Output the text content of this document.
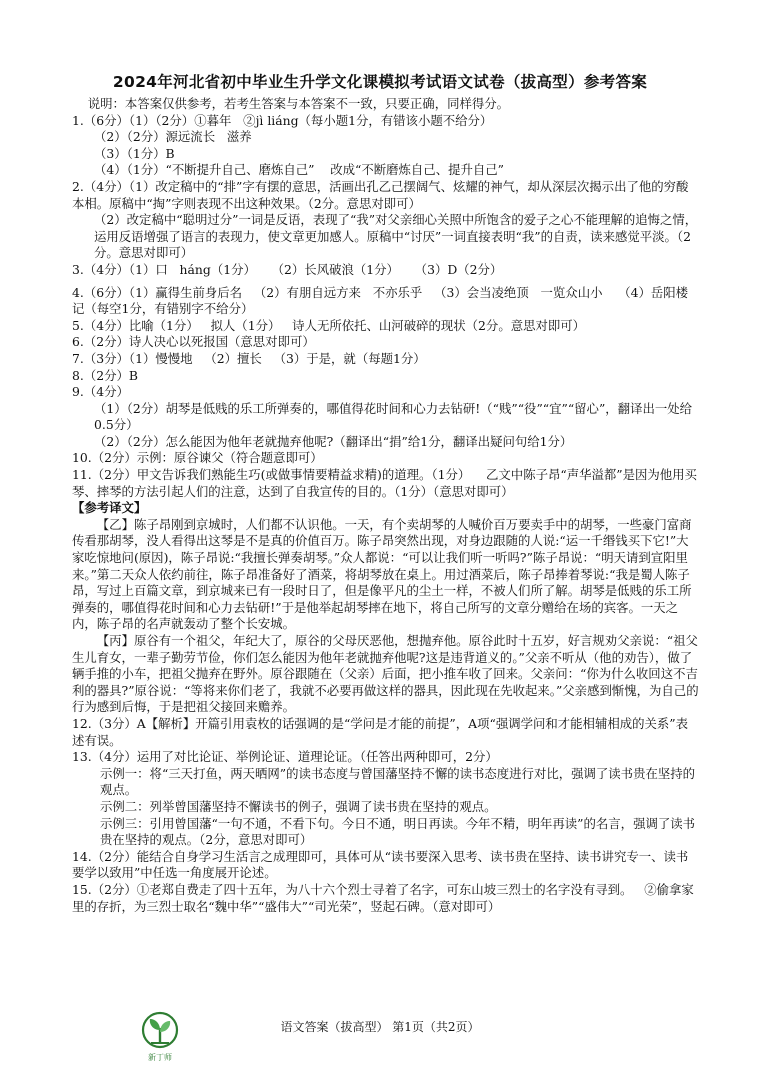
2024年河北省初中毕业生升学文化课模拟考试语文试卷（拔高型）参考答案

说明：本答案仅供参考，若考生答案与本答案不一致，只要正确，同样得分。

1.（6分）（1）（2分）①暮年   ②jì liáng（每小题1分，有错该小题不给分）

（2）（2分）源远流长   滋养

（3）（1分）B

（4）（1分）“不断提升自己、磨炼自己”    改成“不断磨炼自己、提升自己”

2.（4分）（1）改定稿中的“排”字有摆的意思，活画出孔乙己摆阔气、炫耀的神气，却从深层次揭示出了他的穷酸本相。原稿中“掏”字则表现不出这种效果。（2分。意思对即可）

（2）改定稿中“聪明过分”一词是反语，表现了“我”对父亲细心关照中所饱含的爱子之心不能理解的追悔之情，运用反语增强了语言的表现力，使文章更加感人。原稿中“讨厌”一词直接表明“我”的自责，读来感觉平淡。（2分。意思对即可）

3.（4分）（1）口   háng（1分）    （2）长风破浪（1分）    （3）D（2分）

4.（6分）（1）赢得生前身后名   （2）有朋自远方来   不亦乐乎   （3）会当凌绝顶   一览众山小    （4）岳阳楼记（每空1分，有错别字不给分）

5.（4分）比喻（1分）   拟人（1分）   诗人无所依托、山河破碎的现状（2分。意思对即可）

6.（2分）诗人决心以死报国（意思对即可）

7.（3分）（1）慢慢地   （2）擅长   （3）于是，就（每题1分）

8.（2分）B

9.（4分）

（1）（2分）胡琴是低贱的乐工所弹奏的，哪值得花时间和心力去钻研!（“贱”“役”“宜”“留心”，翻译出一处给0.5分）

（2）（2分）怎么能因为他年老就抛弃他呢?（翻译出“捐”给1分，翻译出疑问句给1分）

10.（2分）示例：原谷谏父（符合题意即可）

11.（2分）甲文告诉我们熟能生巧(或做事情要精益求精)的道理。（1分）    乙文中陈子昂“声华溢都”是因为他用买琴、摔琴的方法引起人们的注意，达到了自我宣传的目的。（1分）（意思对即可）

【参考译文】

【乙】陈子昂刚到京城时，人们都不认识他。一天，有个卖胡琴的人喊价百万要卖手中的胡琴，一些豪门富商传看那胡琴，没人看得出这琴是不是真的价值百万。陈子昂突然出现，对身边跟随的人说:“运一千缗钱买下它!”大家吃惊地问(原因)，陈子昂说:“我擅长弹奏胡琴。”众人都说：“可以让我们听一听吗?”陈子昂说：“明天请到宣阳里来。”第二天众人依约前往，陈子昂准备好了酒菜，将胡琴放在桌上。用过酒菜后，陈子昂捧着琴说:“我是蜀人陈子昂，写过上百篇文章，到京城来已有一段时日了，但是像平凡的尘土一样，不被人们所了解。胡琴是低贱的乐工所弹奏的，哪值得花时间和心力去钻研!”于是他举起胡琴摔在地下，将自己所写的文章分赠给在场的宾客。一天之内，陈子昂的名声就轰动了整个长安城。

【丙】原谷有一个祖父，年纪大了，原谷的父母厌恶他，想抛弃他。原谷此时十五岁，好言规劝父亲说：“祖父生儿育女，一辈子勤劳节俭，你们怎么能因为他年老就抛弃他呢?这是违背道义的。”父亲不听从（他的劝告），做了辆手推的小车，把祖父抛弃在野外。原谷跟随在（父亲）后面，把小推车收了回来。父亲问：“你为什么收回这不吉利的器具?”原谷说：“等将来你们老了，我就不必要再做这样的器具，因此现在先收起来。”父亲感到惭愧，为自己的行为感到后悔，于是把祖父接回来赡养。

12.（3分）A【解析】开篇引用袁枚的话强调的是“学问是才能的前提”，A项“强调学问和才能相辅相成的关系”表述有误。

13.（4分）运用了对比论证、举例论证、道理论证。（任答出两种即可，2分）

示例一：将“三天打鱼，两天晒网”的读书态度与曾国藩坚持不懈的读书态度进行对比，强调了读书贵在坚持的观点。

示例二：列举曾国藩坚持不懈读书的例子，强调了读书贵在坚持的观点。

示例三：引用曾国藩“一句不通，不看下句。今日不通，明日再读。今年不精，明年再读”的名言，强调了读书贵在坚持的观点。（2分，意思对即可）

14.（2分）能结合自身学习生活言之成理即可，具体可从“读书要深入思考、读书贵在坚持、读书讲究专一、读书要学以致用”中任选一角度展开论述。

15.（2分）①老郑自费走了四十五年，为八十六个烈士寻着了名字，可东山坡三烈士的名字没有寻到。   ②偷拿家里的存折，为三烈士取名“魏中华”“盛伟大”“司光荣”，竖起石碑。（意对即可）

新丁师
语文答案（拔高型） 第1页（共2页）
